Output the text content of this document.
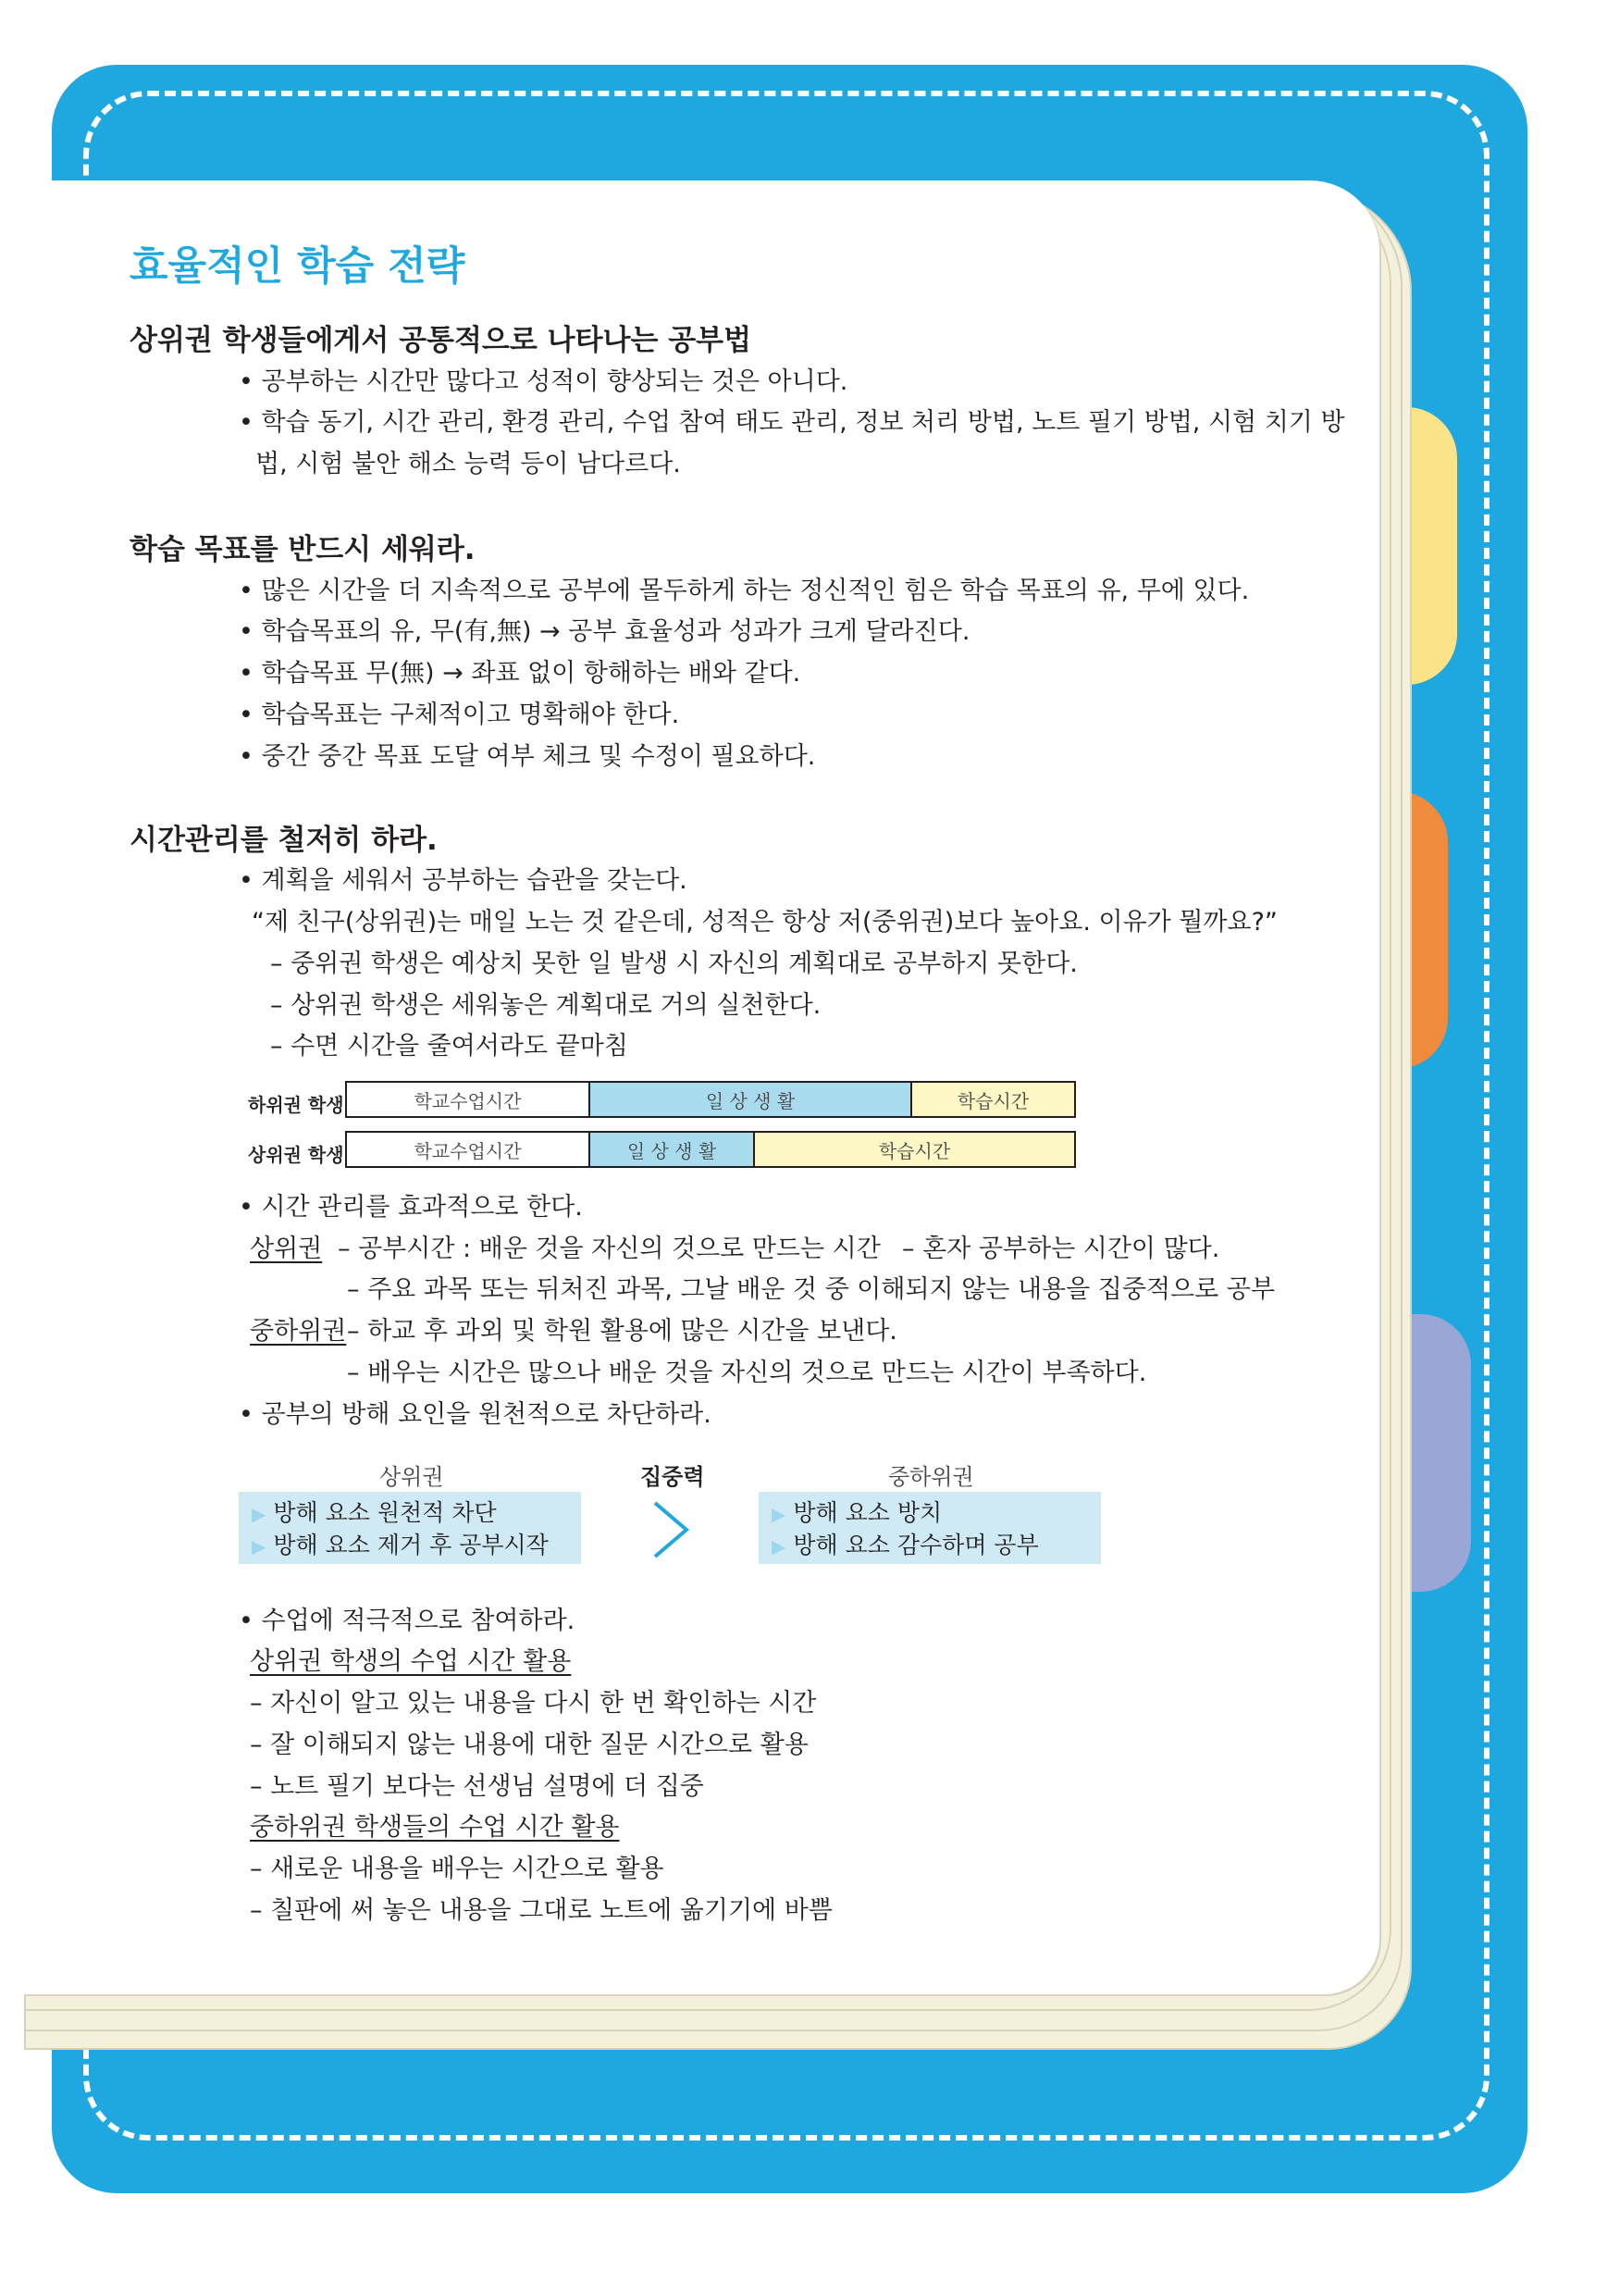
효율적인 학습 전략
상위권 학생들에게서 공통적으로 나타나는 공부법
• 공부하는 시간만 많다고 성적이 향상되는 것은 아니다.
• 학습 동기, 시간 관리, 환경 관리, 수업 참여 태도 관리, 정보 처리 방법, 노트 필기 방법, 시험 치기 방
법, 시험 불안 해소 능력 등이 남다르다.
학습 목표를 반드시 세워라.
• 많은 시간을 더 지속적으로 공부에 몰두하게 하는 정신적인 힘은 학습 목표의 유, 무에 있다.
• 학습목표의 유, 무(有,無) → 공부 효율성과 성과가 크게 달라진다.
• 학습목표 무(無) → 좌표 없이 항해하는 배와 같다.
• 학습목표는 구체적이고 명확해야 한다.
• 중간 중간 목표 도달 여부 체크 및 수정이 필요하다.
시간관리를 철저히 하라.
• 계획을 세워서 공부하는 습관을 갖는다.
“제 친구(상위권)는 매일 노는 것 같은데, 성적은 항상 저(중위권)보다 높아요. 이유가 뭘까요?”
– 중위권 학생은 예상치 못한 일 발생 시 자신의 계획대로 공부하지 못한다.
– 상위권 학생은 세워놓은 계획대로 거의 실천한다.
– 수면 시간을 줄여서라도 끝마침
하위권 학생	학교수업시간	일 상 생 활	학습시간
상위권 학생	학교수업시간	일 상 생 활	학습시간
• 시간 관리를 효과적으로 한다.
상위권 – 공부시간 : 배운 것을 자신의 것으로 만드는 시간 – 혼자 공부하는 시간이 많다.
– 주요 과목 또는 뒤처진 과목, 그날 배운 것 중 이해되지 않는 내용을 집중적으로 공부
중하위권 – 하교 후 과외 및 학원 활용에 많은 시간을 보낸다.
– 배우는 시간은 많으나 배운 것을 자신의 것으로 만드는 시간이 부족하다.
• 공부의 방해 요인을 원천적으로 차단하라.
상위권	집중력	중하위권
▶ 방해 요소 원천적 차단
▶ 방해 요소 제거 후 공부시작
▶ 방해 요소 방치
▶ 방해 요소 감수하며 공부
• 수업에 적극적으로 참여하라.
상위권 학생의 수업 시간 활용
– 자신이 알고 있는 내용을 다시 한 번 확인하는 시간
– 잘 이해되지 않는 내용에 대한 질문 시간으로 활용
– 노트 필기 보다는 선생님 설명에 더 집중
중하위권 학생들의 수업 시간 활용
– 새로운 내용을 배우는 시간으로 활용
– 칠판에 써 놓은 내용을 그대로 노트에 옮기기에 바쁨
